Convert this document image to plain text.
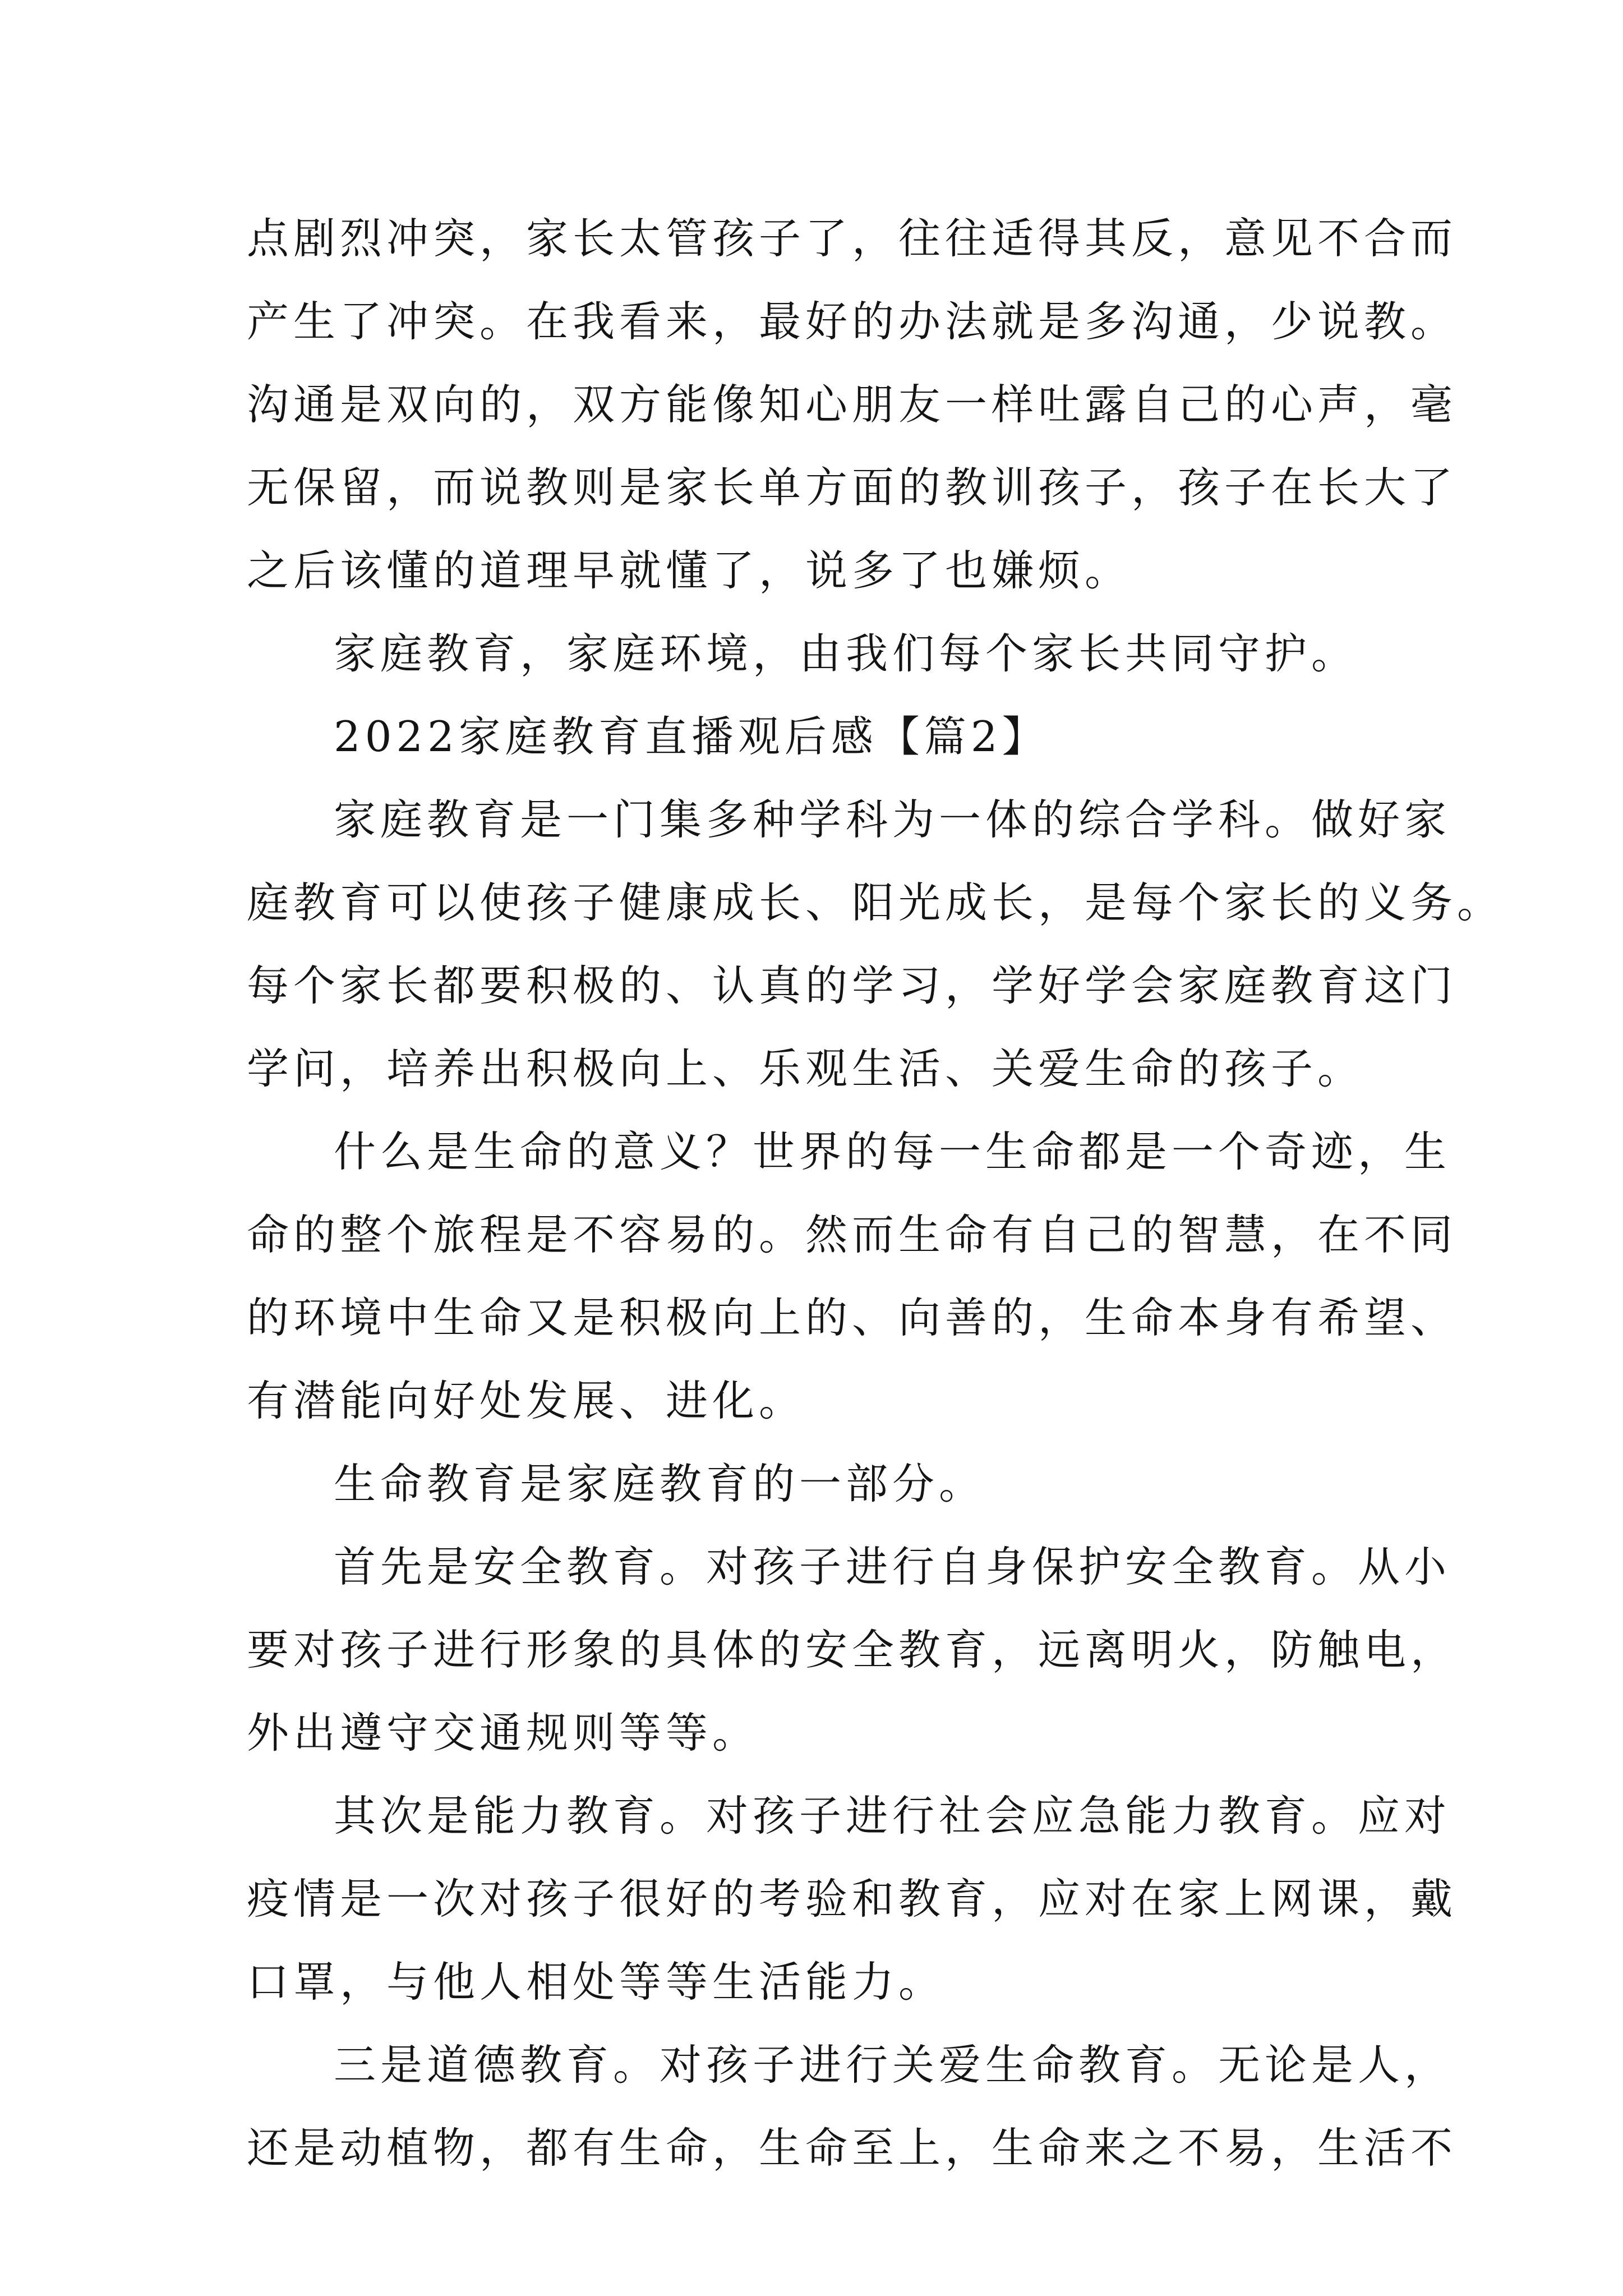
点剧烈冲突，家长太管孩子了，往往适得其反，意见不合而
产生了冲突。在我看来，最好的办法就是多沟通，少说教。
沟通是双向的，双方能像知心朋友一样吐露自己的心声，毫
无保留，而说教则是家长单方面的教训孩子，孩子在长大了
之后该懂的道理早就懂了，说多了也嫌烦。
家庭教育，家庭环境，由我们每个家长共同守护。
2022家庭教育直播观后感【篇2】
家庭教育是一门集多种学科为一体的综合学科。做好家
庭教育可以使孩子健康成长、阳光成长，是每个家长的义务。
每个家长都要积极的、认真的学习，学好学会家庭教育这门
学问，培养出积极向上、乐观生活、关爱生命的孩子。
什么是生命的意义？世界的每一生命都是一个奇迹，生
命的整个旅程是不容易的。然而生命有自己的智慧，在不同
的环境中生命又是积极向上的、向善的，生命本身有希望、
有潜能向好处发展、进化。
生命教育是家庭教育的一部分。
首先是安全教育。对孩子进行自身保护安全教育。从小
要对孩子进行形象的具体的安全教育，远离明火，防触电，
外出遵守交通规则等等。
其次是能力教育。对孩子进行社会应急能力教育。应对
疫情是一次对孩子很好的考验和教育，应对在家上网课，戴
口罩，与他人相处等等生活能力。
三是道德教育。对孩子进行关爱生命教育。无论是人，
还是动植物，都有生命，生命至上，生命来之不易，生活不
